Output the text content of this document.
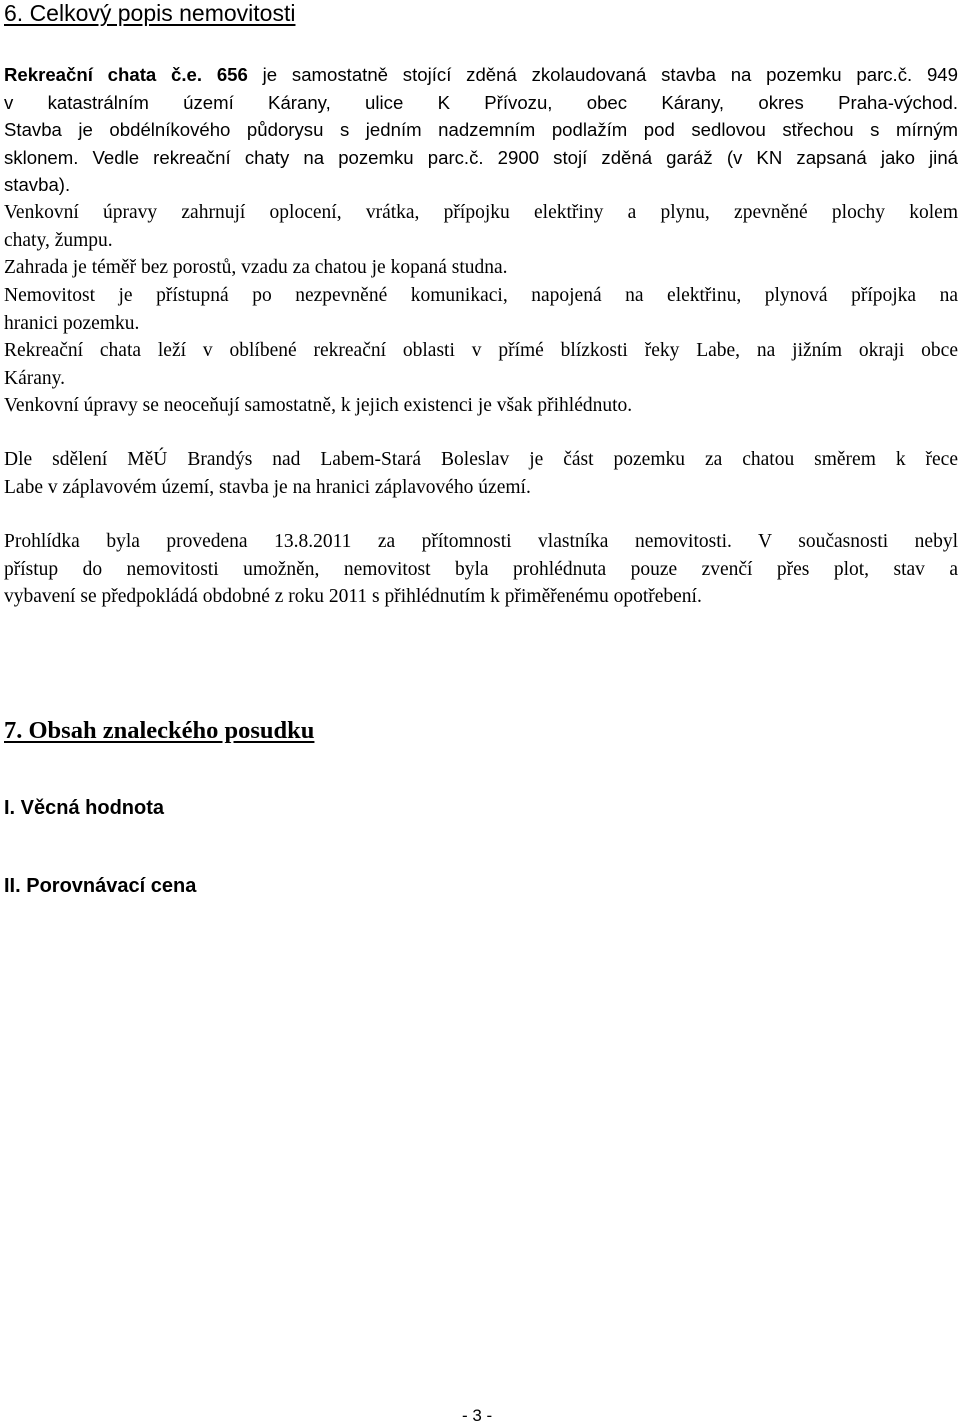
6. Celkový popis nemovitosti
Rekreační chata č.e. 656 je samostatně stojící zděná zkolaudovaná stavba na pozemku parc.č. 949
v katastrálním území Kárany, ulice K Přívozu, obec Kárany, okres Praha-východ.
Stavba je obdélníkového půdorysu s jedním nadzemním podlažím pod sedlovou střechou s mírným
sklonem. Vedle rekreační chaty na pozemku parc.č. 2900 stojí zděná garáž (v KN zapsaná jako jiná
stavba).
Venkovní úpravy zahrnují oplocení, vrátka, přípojku elektřiny a plynu, zpevněné plochy kolem
chaty, žumpu.
Zahrada je téměř bez porostů, vzadu za chatou je kopaná studna.
Nemovitost je přístupná po nezpevněné komunikaci, napojená na elektřinu, plynová přípojka na
hranici pozemku.
Rekreační chata leží v oblíbené rekreační oblasti v přímé blízkosti řeky Labe, na jižním okraji obce
Kárany.
Venkovní úpravy se neoceňují samostatně, k jejich existenci je však přihlédnuto.
Dle sdělení MěÚ Brandýs nad Labem-Stará Boleslav je část pozemku za chatou směrem k řece
Labe v záplavovém území, stavba je na hranici záplavového území.
Prohlídka byla provedena 13.8.2011 za přítomnosti vlastníka nemovitosti. V současnosti nebyl
přístup do nemovitosti umožněn, nemovitost byla prohlédnuta pouze zvenčí přes plot, stav a
vybavení se předpokládá obdobné z roku 2011 s přihlédnutím k přiměřenému opotřebení.
7. Obsah znaleckého posudku
I. Věcná hodnota
II. Porovnávací cena
- 3 -
